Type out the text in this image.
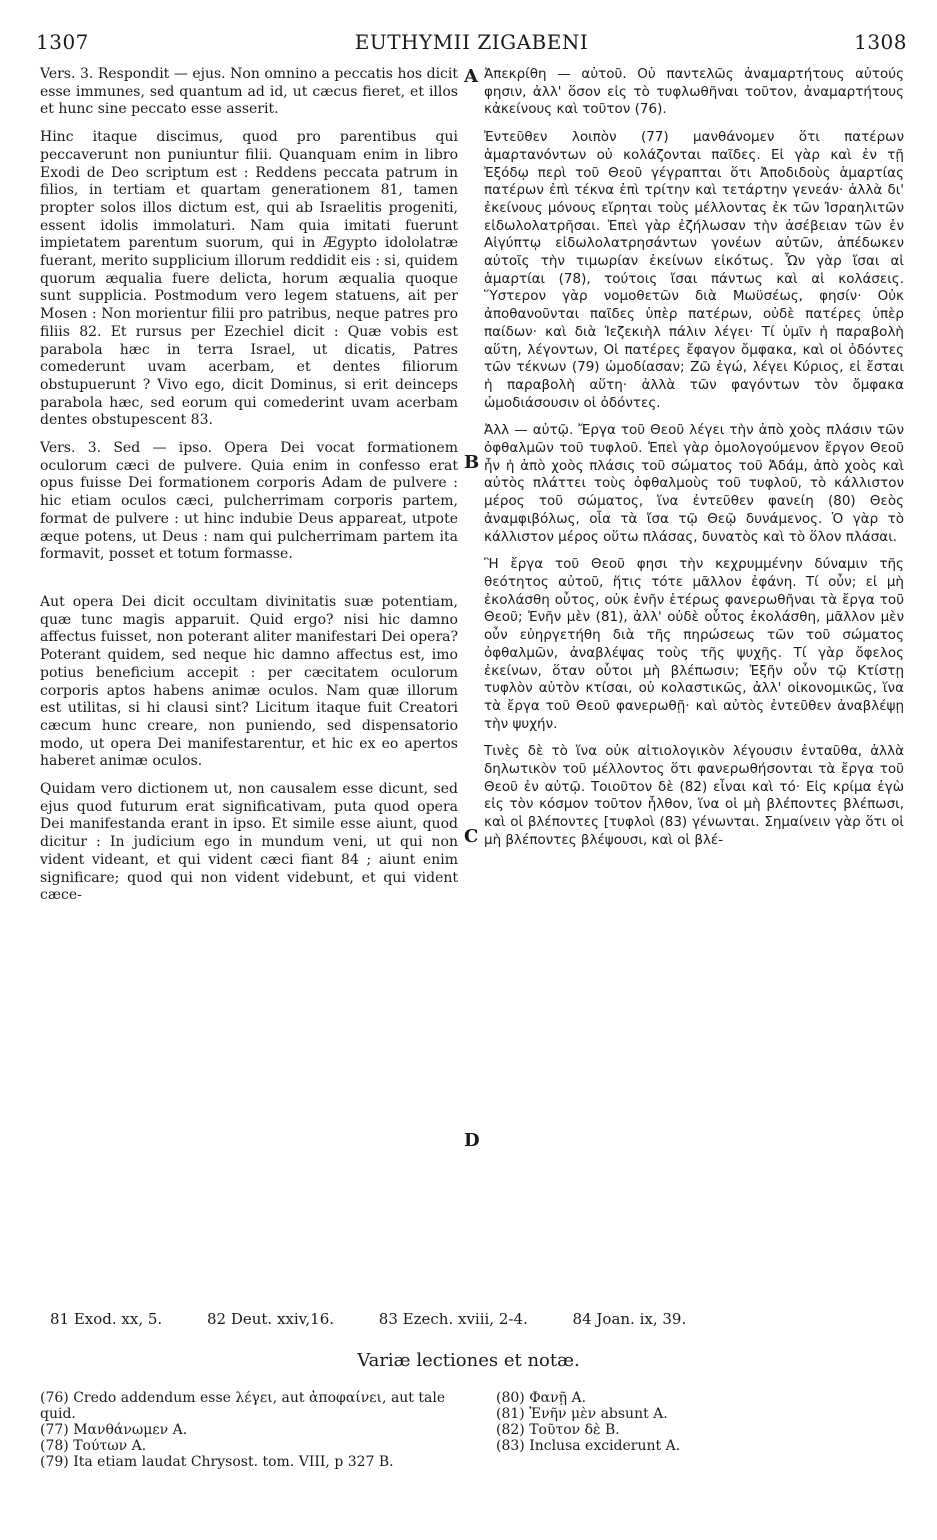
1307	EUTHYMII ZIGABENI	1308

Vers. 3. Respondit — ejus. Non omnino a peccatis hos dicit esse immunes, sed quantum ad id, ut cæcus fieret, et illos et hunc sine peccato esse asserit.

Hinc itaque discimus, quod pro parentibus qui peccaverunt non puniuntur filii. Quanquam enim in libro Exodi de Deo scriptum est : Reddens peccata patrum in filios, in tertiam et quartam generationem 81, tamen propter solos illos dictum est, qui ab Israelitis progeniti, essent idolis immolaturi. Nam quia imitati fuerunt impietatem parentum suorum, qui in Ægypto idololatræ fuerant, merito supplicium illorum reddidit eis : si, quidem quorum æqualia fuere delicta, horum æqualia quoque sunt supplicia. Postmodum vero legem statuens, ait per Mosen : Non morientur filii pro patribus, neque patres pro filiis 82. Et rursus per Ezechiel dicit : Quæ vobis est parabola hæc in terra Israel, ut dicatis, Patres comederunt uvam acerbam, et dentes filiorum obstupuerunt ? Vivo ego, dicit Dominus, si erit deinceps parabola hæc, sed eorum qui comederint uvam acerbam dentes obstupescent 83.

Vers. 3. Sed — ipso. Opera Dei vocat formationem oculorum cæci de pulvere. Quia enim in confesso erat opus fuisse Dei formationem corporis Adam de pulvere : hic etiam oculos cæci, pulcherrimam corporis partem, format de pulvere : ut hinc indubie Deus appareat, utpote æque potens, ut Deus : nam qui pulcherrimam partem ita formavit, posset et totum formasse.

Aut opera Dei dicit occultam divinitatis suæ potentiam, quæ tunc magis apparuit. Quid ergo? nisi hic damno affectus fuisset, non poterant aliter manifestari Dei opera? Poterant quidem, sed neque hic damno affectus est, imo potius beneficium accepit : per cæcitatem oculorum corporis aptos habens animæ oculos. Nam quæ illorum est utilitas, si hi clausi sint? Licitum itaque fuit Creatori cæcum hunc creare, non puniendo, sed dispensatorio modo, ut opera Dei manifestarentur, et hic ex eo apertos haberet animæ oculos.

Quidam vero dictionem ut, non causalem esse dicunt, sed ejus quod futurum erat significativam, puta quod opera Dei manifestanda erant in ipso. Et simile esse aiunt, quod dicitur : In judicium ego in mundum veni, ut qui non vident videant, et qui vident cæci fiant 84 ; aiunt enim significare; quod qui non vident videbunt, et qui vident cæce-

Ἀπεκρίθη — αὐτοῦ. Οὐ παντελῶς ἀναμαρτήτους αὐτούς φησιν, ἀλλ' ὅσον εἰς τὸ τυφλωθῆναι τοῦτον, ἀναμαρτήτους κἀκείνους καὶ τοῦτον (76).

Ἐντεῦθεν λοιπὸν (77) μανθάνομεν ὅτι πατέρων ἁμαρτανόντων οὐ κολάζονται παῖδες. Εἰ γὰρ καὶ ἐν τῇ Ἐξόδῳ περὶ τοῦ Θεοῦ γέγραπται ὅτι Ἀποδιδοὺς ἁμαρτίας πατέρων ἐπὶ τέκνα ἐπὶ τρίτην καὶ τετάρτην γενεάν· ἀλλὰ δι' ἐκείνους μόνους εἴρηται τοὺς μέλλοντας ἐκ τῶν Ἰσραηλιτῶν εἰδωλολατρῆσαι. Ἐπεὶ γὰρ ἐζήλωσαν τὴν ἀσέβειαν τῶν ἐν Αἰγύπτῳ εἰδωλολατρησάντων γονέων αὐτῶν, ἀπέδωκεν αὐτοῖς τὴν τιμωρίαν ἐκείνων εἰκότως. Ὧν γὰρ ἴσαι αἱ ἁμαρτίαι (78), τούτοις ἴσαι πάντως καὶ αἱ κολάσεις. Ὕστερον γὰρ νομοθετῶν διὰ Μωϋσέως, φησίν· Οὐκ ἀποθανοῦνται παῖδες ὑπὲρ πατέρων, οὐδὲ πατέρες ὑπὲρ παίδων· καὶ διὰ Ἰεζεκιὴλ πάλιν λέγει· Τί ὑμῖν ἡ παραβολὴ αὕτη, λέγοντων, Οἱ πατέρες ἔφαγον ὄμφακα, καὶ οἱ ὀδόντες τῶν τέκνων (79) ὠμοδίασαν; Ζῶ ἐγώ, λέγει Κύριος, εἰ ἔσται ἡ παραβολὴ αὕτη· ἀλλὰ τῶν φαγόντων τὸν ὄμφακα ὠμοδιάσουσιν οἱ ὀδόντες.

Ἀλλ — αὐτῷ. Ἔργα τοῦ Θεοῦ λέγει τὴν ἀπὸ χοὸς πλάσιν τῶν ὀφθαλμῶν τοῦ τυφλοῦ. Ἐπεὶ γὰρ ὁμολογούμενον ἔργον Θεοῦ ἦν ἡ ἀπὸ χοὸς πλάσις τοῦ σώματος τοῦ Ἀδάμ, ἀπὸ χοὸς καὶ αὐτὸς πλάττει τοὺς ὀφθαλμοὺς τοῦ τυφλοῦ, τὸ κάλλιστον μέρος τοῦ σώματος, ἵνα ἐντεῦθεν φανείη (80) Θεὸς ἀναμφιβόλως, οἷα τὰ ἴσα τῷ Θεῷ δυνάμενος. Ὁ γὰρ τὸ κάλλιστον μέρος οὕτω πλάσας, δυνατὸς καὶ τὸ ὅλον πλάσαι.

Ἢ ἔργα τοῦ Θεοῦ φησι τὴν κεχρυμμένην δύναμιν τῆς θεότητος αὐτοῦ, ἥτις τότε μᾶλλον ἐφάνη. Τί οὖν; εἰ μὴ ἐκολάσθη οὗτος, οὐκ ἐνῆν ἑτέρως φανερωθῆναι τὰ ἔργα τοῦ Θεοῦ; Ἐνῆν μὲν (81), ἀλλ' οὐδὲ οὗτος ἐκολάσθη, μᾶλλον μὲν οὖν εὐηργετήθη διὰ τῆς πηρώσεως τῶν τοῦ σώματος ὀφθαλμῶν, ἀναβλέψας τοὺς τῆς ψυχῆς. Τί γὰρ ὄφελος ἐκείνων, ὅταν οὗτοι μὴ βλέπωσιν; Ἐξῆν οὖν τῷ Κτίστῃ τυφλὸν αὐτὸν κτίσαι, οὐ κολαστικῶς, ἀλλ' οἰκονομικῶς, ἵνα τὰ ἔργα τοῦ Θεοῦ φανερωθῇ· καὶ αὐτὸς ἐντεῦθεν ἀναβλέψῃ τὴν ψυχήν.

Τινὲς δὲ τὸ ἵνα οὐκ αἰτιολογικὸν λέγουσιν ἐνταῦθα, ἀλλὰ δηλωτικὸν τοῦ μέλλοντος ὅτι φανερωθήσονται τὰ ἔργα τοῦ Θεοῦ ἐν αὐτῷ. Τοιοῦτον δὲ (82) εἶναι καὶ τό· Εἰς κρίμα ἐγὼ εἰς τὸν κόσμον τοῦτον ἦλθον, ἵνα οἱ μὴ βλέποντες βλέπωσι, καὶ οἱ βλέποντες [τυφλοὶ (83) γένωνται. Σημαίνειν γὰρ ὅτι οἱ μὴ βλέποντες βλέψουσι, καὶ οἱ βλέ-

A
B
C
D
81 Exod. xx, 5.	82 Deut. xxiv,16.	83 Ezech. xviii, 2-4.	84 Joan. ix, 39.
Variæ lectiones et notæ.
(76) Credo addendum esse λέγει, aut ἀποφαίνει, aut tale quid.
(77) Μανθάνωμεν A.
(78) Τούτων A.
(79) Ita etiam laudat Chrysost. tom. VIII, p 327 B.
(80) Φανῇ A.
(81) Ἐνῆν μὲν absunt A.
(82) Τοῦτον δὲ B.
(83) Inclusa exciderunt A.
